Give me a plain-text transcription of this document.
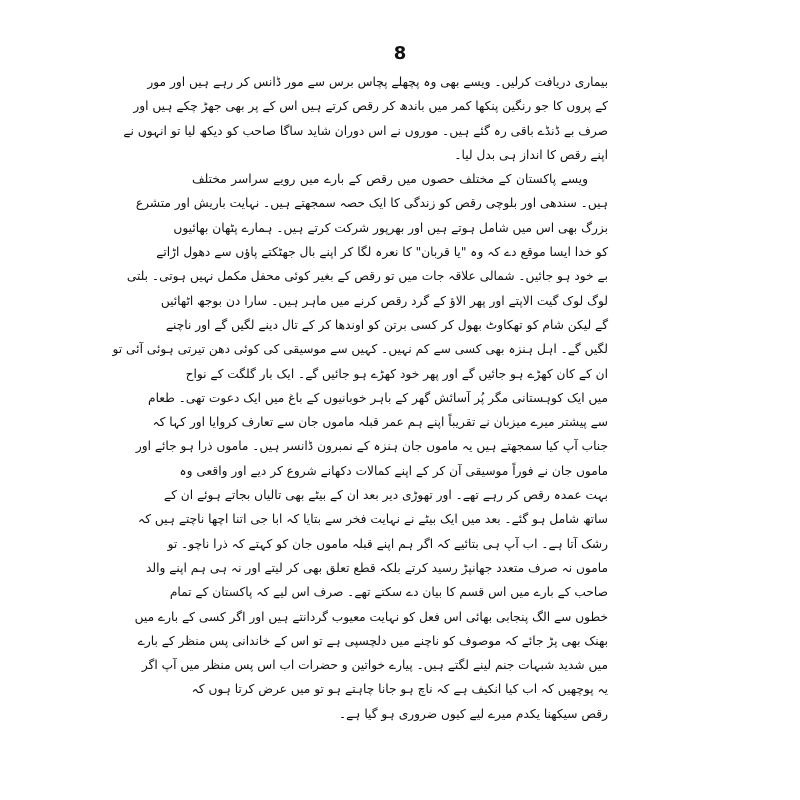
8
بیماری دریافت کرلیں۔ ویسے بھی وہ پچھلے پچاس برس سے مور ڈانس کر رہے ہیں اور مور
کے پروں کا جو رنگین پنکھا کمر میں باندھ کر رقص کرتے ہیں اس کے پر بھی جھڑ چکے ہیں اور
صرف بے ڈنڈے باقی رہ گئے ہیں۔ موروں نے اس دوران شاید ساگا صاحب کو دیکھ لیا تو انہوں نے
اپنے رقص کا انداز ہی بدل لیا۔
ویسے پاکستان کے مختلف حصوں میں رقص کے بارے میں رویے سراسر مختلف
ہیں۔ سندھی اور بلوچی رقص کو زندگی کا ایک حصہ سمجھتے ہیں۔ نہایت باریش اور متشرع
بزرگ بھی اس میں شامل ہوتے ہیں اور بھرپور شرکت کرتے ہیں۔ ہمارے پٹھان بھائیوں
کو خدا ایسا موقع دے کہ وہ "یا قربان" کا نعرہ لگا کر اپنے بال جھٹکتے پاؤں سے دھول اڑاتے
بے خود ہو جائیں۔ شمالی علاقہ جات میں تو رقص کے بغیر کوئی محفل مکمل نہیں ہوتی۔ بلتی
لوگ لوک گیت الاپتے اور پھر الاؤ کے گرد رقص کرنے میں ماہر ہیں۔ سارا دن بوجھ اٹھائیں
گے لیکن شام کو تھکاوٹ بھول کر کسی برتن کو اوندھا کر کے تال دینے لگیں گے اور ناچنے
لگیں گے۔ اہل ہنزہ بھی کسی سے کم نہیں۔ کہیں سے موسیقی کی کوئی دھن تیرتی ہوئی آئی تو
ان کے کان کھڑے ہو جائیں گے اور پھر خود کھڑے ہو جائیں گے۔ ایک بار گلگت کے نواح
میں ایک کوہستانی مگر پُر آسائش گھر کے باہر خوبانیوں کے باغ میں ایک دعوت تھی۔ طعام
سے پیشتر میرے میزبان نے تقریباً اپنے ہم عمر قبلہ ماموں جان سے تعارف کروایا اور کہا کہ
جناب آپ کیا سمجھتے ہیں یہ ماموں جان ہنزہ کے نمبرون ڈانسر ہیں۔ ماموں ذرا ہو جائے اور
ماموں جان نے فوراً موسیقی آن کر کے اپنے کمالات دکھانے شروع کر دیے اور واقعی وہ
بہت عمدہ رقص کر رہے تھے۔ اور تھوڑی دیر بعد ان کے بیٹے بھی تالیاں بجاتے ہوئے ان کے
ساتھ شامل ہو گئے۔ بعد میں ایک بیٹے نے نہایت فخر سے بتایا کہ ابا جی اتنا اچھا ناچتے ہیں کہ
رشک آتا ہے۔ اب آپ ہی بتائیے کہ اگر ہم اپنے قبلہ ماموں جان کو کہتے کہ ذرا ناچو۔ تو
ماموں نہ صرف متعدد جھانپڑ رسید کرتے بلکہ قطع تعلق بھی کر لیتے اور نہ ہی ہم اپنے والد
صاحب کے بارے میں اس قسم کا بیان دے سکتے تھے۔ صرف اس لیے کہ پاکستان کے تمام
خطوں سے الگ پنجابی بھائی اس فعل کو نہایت معیوب گردانتے ہیں اور اگر کسی کے بارے میں
بھنک بھی پڑ جائے کہ موصوف کو ناچنے میں دلچسپی ہے تو اس کے خاندانی پس منظر کے بارے
میں شدید شبہات جنم لینے لگتے ہیں۔ پیارے خواتین و حضرات اب اس پس منظر میں آپ اگر
یہ پوچھیں کہ اب کیا انکیف ہے کہ ناچ ہو جانا چاہتے ہو تو میں عرض کرتا ہوں کہ
رقص سیکھنا یکدم میرے لیے کیوں ضروری ہو گیا ہے۔
